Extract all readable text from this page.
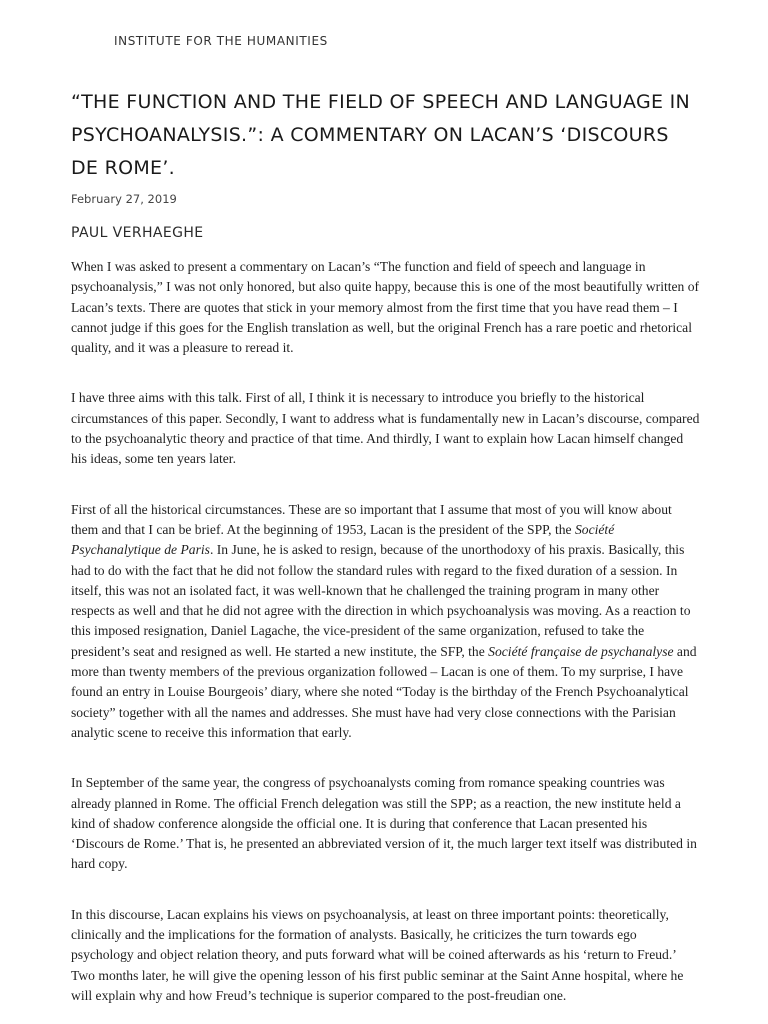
INSTITUTE FOR THE HUMANITIES
“THE FUNCTION AND THE FIELD OF SPEECH AND LANGUAGE IN PSYCHOANALYSIS.”: A COMMENTARY ON LACAN’S ‘DISCOURS DE ROME’.
February 27, 2019
PAUL VERHAEGHE

When I was asked to present a commentary on Lacan’s “The function and field of speech and language in psychoanalysis,” I was not only honored, but also quite happy, because this is one of the most beautifully written of Lacan’s texts. There are quotes that stick in your memory almost from the first time that you have read them – I cannot judge if this goes for the English translation as well, but the original French has a rare poetic and rhetorical quality, and it was a pleasure to reread it.

I have three aims with this talk. First of all, I think it is necessary to introduce you briefly to the historical circumstances of this paper. Secondly, I want to address what is fundamentally new in Lacan’s discourse, compared to the psychoanalytic theory and practice of that time. And thirdly, I want to explain how Lacan himself changed his ideas, some ten years later.

First of all the historical circumstances. These are so important that I assume that most of you will know about them and that I can be brief. At the beginning of 1953, Lacan is the president of the SPP, the Société Psychanalytique de Paris. In June, he is asked to resign, because of the unorthodoxy of his praxis. Basically, this had to do with the fact that he did not follow the standard rules with regard to the fixed duration of a session. In itself, this was not an isolated fact, it was well-known that he challenged the training program in many other respects as well and that he did not agree with the direction in which psychoanalysis was moving. As a reaction to this imposed resignation, Daniel Lagache, the vice-president of the same organization, refused to take the president’s seat and resigned as well. He started a new institute, the SFP, the Société française de psychanalyse and more than twenty members of the previous organization followed – Lacan is one of them. To my surprise, I have found an entry in Louise Bourgeois’ diary, where she noted “Today is the birthday of the French Psychoanalytical society” together with all the names and addresses. She must have had very close connections with the Parisian analytic scene to receive this information that early.

In September of the same year, the congress of psychoanalysts coming from romance speaking countries was already planned in Rome. The official French delegation was still the SPP; as a reaction, the new institute held a kind of shadow conference alongside the official one. It is during that conference that Lacan presented his ‘Discours de Rome.’ That is, he presented an abbreviated version of it, the much larger text itself was distributed in hard copy.

In this discourse, Lacan explains his views on psychoanalysis, at least on three important points: theoretically, clinically and the implications for the formation of analysts. Basically, he criticizes the turn towards ego psychology and object relation theory, and puts forward what will be coined afterwards as his ‘return to Freud.’ Two months later, he will give the opening lesson of his first public seminar at the Saint Anne hospital, where he will explain why and how Freud’s technique is superior compared to the post-freudian one.
